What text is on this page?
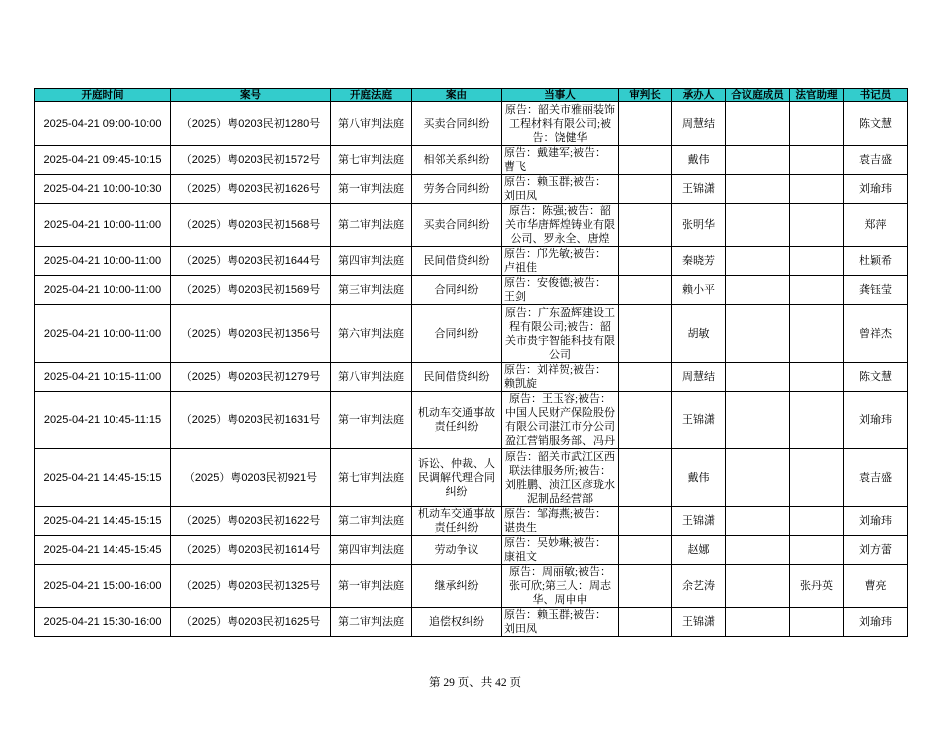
开庭时间	案号	开庭法庭	案由	当事人	审判长	承办人	合议庭成员	法官助理	书记员
2025-04-21 09:00-10:00	（2025）粤0203民初1280号	第八审判法庭	买卖合同纠纷	原告：韶关市雅丽装饰工程材料有限公司;被告：饶健华		周慧结			陈文慧
2025-04-21 09:45-10:15	（2025）粤0203民初1572号	第七审判法庭	相邻关系纠纷	原告：戴建军;被告：曹飞		戴伟			袁吉盛
2025-04-21 10:00-10:30	（2025）粤0203民初1626号	第一审判法庭	劳务合同纠纷	原告：赖玉群;被告：刘田凤		王锦潇			刘瑜玮
2025-04-21 10:00-11:00	（2025）粤0203民初1568号	第二审判法庭	买卖合同纠纷	原告：陈强;被告：韶关市华唐辉煌铸业有限公司、罗永全、唐煌		张明华			郑萍
2025-04-21 10:00-11:00	（2025）粤0203民初1644号	第四审判法庭	民间借贷纠纷	原告：邝先敏;被告：卢祖佳		秦晓芳			杜颖希
2025-04-21 10:00-11:00	（2025）粤0203民初1569号	第三审判法庭	合同纠纷	原告：安俊德;被告：王剑		赖小平			龚钰莹
2025-04-21 10:00-11:00	（2025）粤0203民初1356号	第六审判法庭	合同纠纷	原告：广东盈辉建设工程有限公司;被告：韶关市贵宇智能科技有限公司		胡敏			曾祥杰
2025-04-21 10:15-11:00	（2025）粤0203民初1279号	第八审判法庭	民间借贷纠纷	原告：刘祥贺;被告：赖凯旋		周慧结			陈文慧
2025-04-21 10:45-11:15	（2025）粤0203民初1631号	第一审判法庭	机动车交通事故责任纠纷	原告：王玉容;被告：中国人民财产保险股份有限公司湛江市分公司盈江营销服务部、冯丹		王锦潇			刘瑜玮
2025-04-21 14:45-15:15	（2025）粤0203民初921号	第七审判法庭	诉讼、仲裁、人民调解代理合同纠纷	原告：韶关市武江区西联法律服务所;被告：刘胜鹏、浈江区彦珑水泥制品经营部		戴伟			袁吉盛
2025-04-21 14:45-15:15	（2025）粤0203民初1622号	第二审判法庭	机动车交通事故责任纠纷	原告：邹海燕;被告：谌贵生		王锦潇			刘瑜玮
2025-04-21 14:45-15:45	（2025）粤0203民初1614号	第四审判法庭	劳动争议	原告：吴妙琳;被告：康祖文		赵娜			刘方蕾
2025-04-21 15:00-16:00	（2025）粤0203民初1325号	第一审判法庭	继承纠纷	原告：周丽敏;被告：张可欣;第三人：周志华、周申申		余艺涛		张丹英	曹亮
2025-04-21 15:30-16:00	（2025）粤0203民初1625号	第二审判法庭	追偿权纠纷	原告：赖玉群;被告：刘田凤		王锦潇			刘瑜玮
第 29 页、共 42 页
